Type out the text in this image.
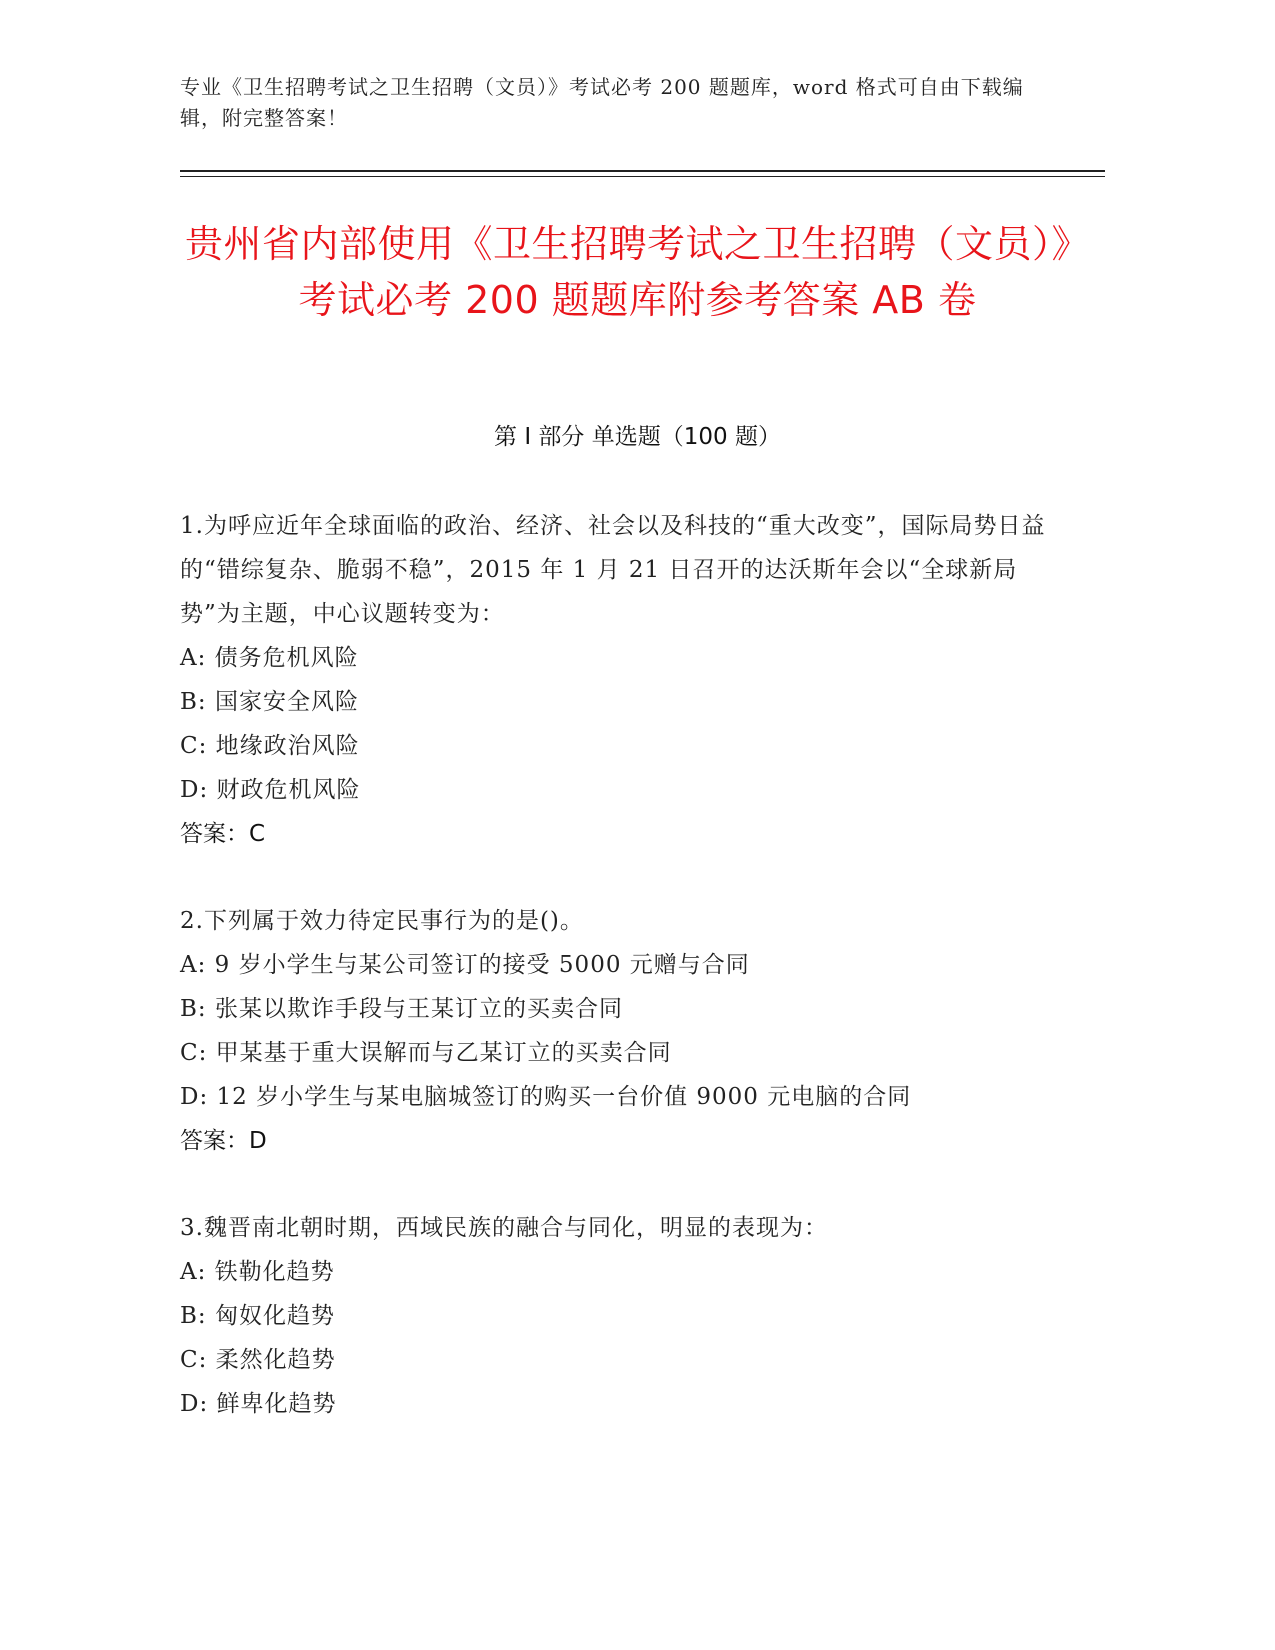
专业《卫生招聘考试之卫生招聘（文员）》考试必考 200 题题库，word 格式可自由下载编辑，附完整答案！
贵州省内部使用《卫生招聘考试之卫生招聘（文员）》考试必考 200 题题库附参考答案 AB 卷
第 I 部分 单选题（100 题）

1.为呼应近年全球面临的政治、经济、社会以及科技的“重大改变”，国际局势日益的“错综复杂、脆弱不稳”，2015 年 1 月 21 日召开的达沃斯年会以“全球新局势”为主题，中心议题转变为：

A: 债务危机风险

B: 国家安全风险

C: 地缘政治风险

D: 财政危机风险

答案：C

2.下列属于效力待定民事行为的是()。

A: 9 岁小学生与某公司签订的接受 5000 元赠与合同

B: 张某以欺诈手段与王某订立的买卖合同

C: 甲某基于重大误解而与乙某订立的买卖合同

D: 12 岁小学生与某电脑城签订的购买一台价值 9000 元电脑的合同

答案：D

3.魏晋南北朝时期，西域民族的融合与同化，明显的表现为：

A: 铁勒化趋势

B: 匈奴化趋势

C: 柔然化趋势

D: 鲜卑化趋势
